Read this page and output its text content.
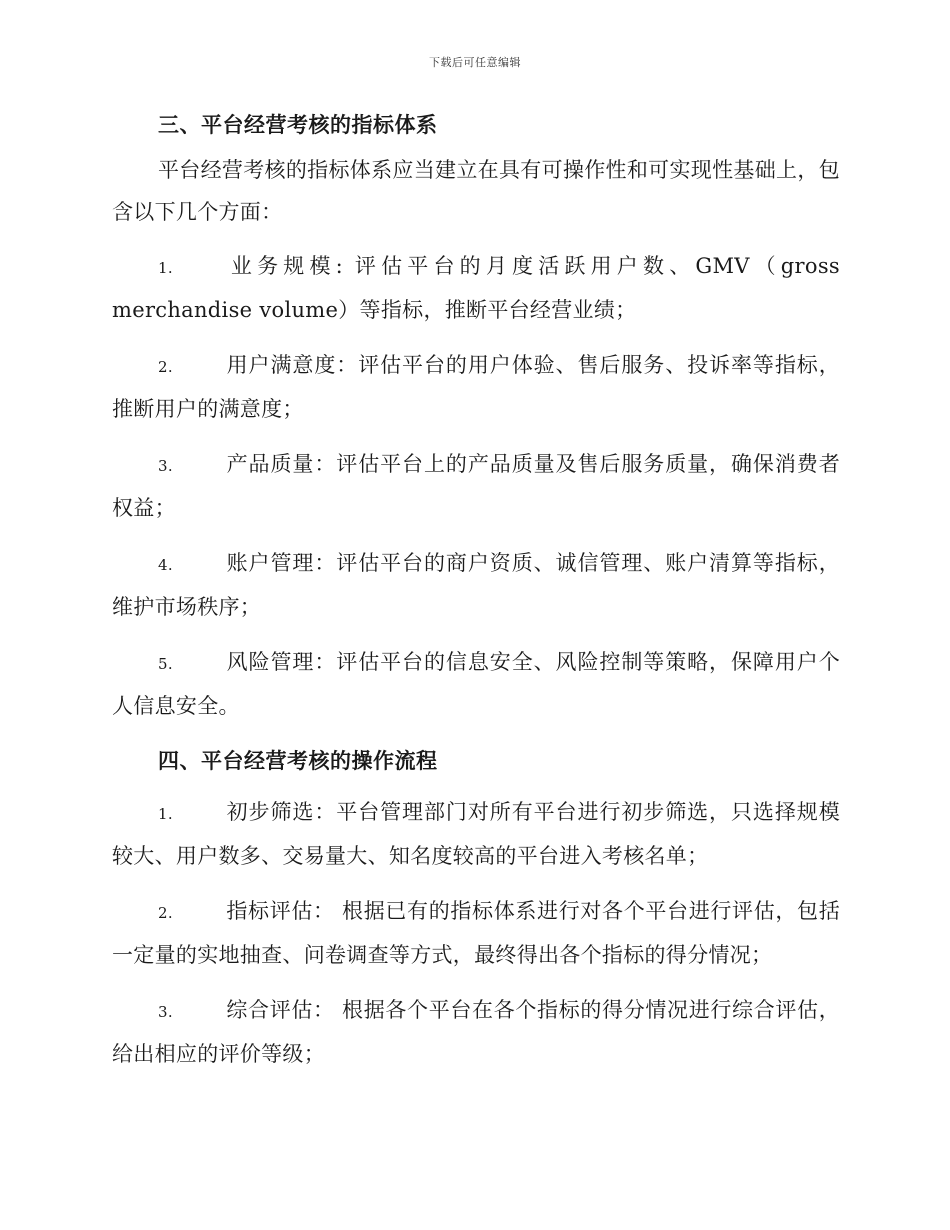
下载后可任意编辑
三、平台经营考核的指标体系

平台经营考核的指标体系应当建立在具有可操作性和可实现性基础上，包含以下几个方面：

1.	业务规模: 评估平台的月度活跃用户数、GMV（gross merchandise volume）等指标，推断平台经营业绩；
2.	用户满意度：评估平台的用户体验、售后服务、投诉率等指标，推断用户的满意度；
3.	产品质量：评估平台上的产品质量及售后服务质量，确保消费者权益；
4.	账户管理：评估平台的商户资质、诚信管理、账户清算等指标，维护市场秩序；
5.	风险管理：评估平台的信息安全、风险控制等策略，保障用户个人信息安全。
四、平台经营考核的操作流程
1.	初步筛选：平台管理部门对所有平台进行初步筛选，只选择规模较大、用户数多、交易量大、知名度较高的平台进入考核名单；
2.	指标评估： 根据已有的指标体系进行对各个平台进行评估，包括一定量的实地抽查、问卷调查等方式，最终得出各个指标的得分情况；
3.	综合评估： 根据各个平台在各个指标的得分情况进行综合评估，给出相应的评价等级；
